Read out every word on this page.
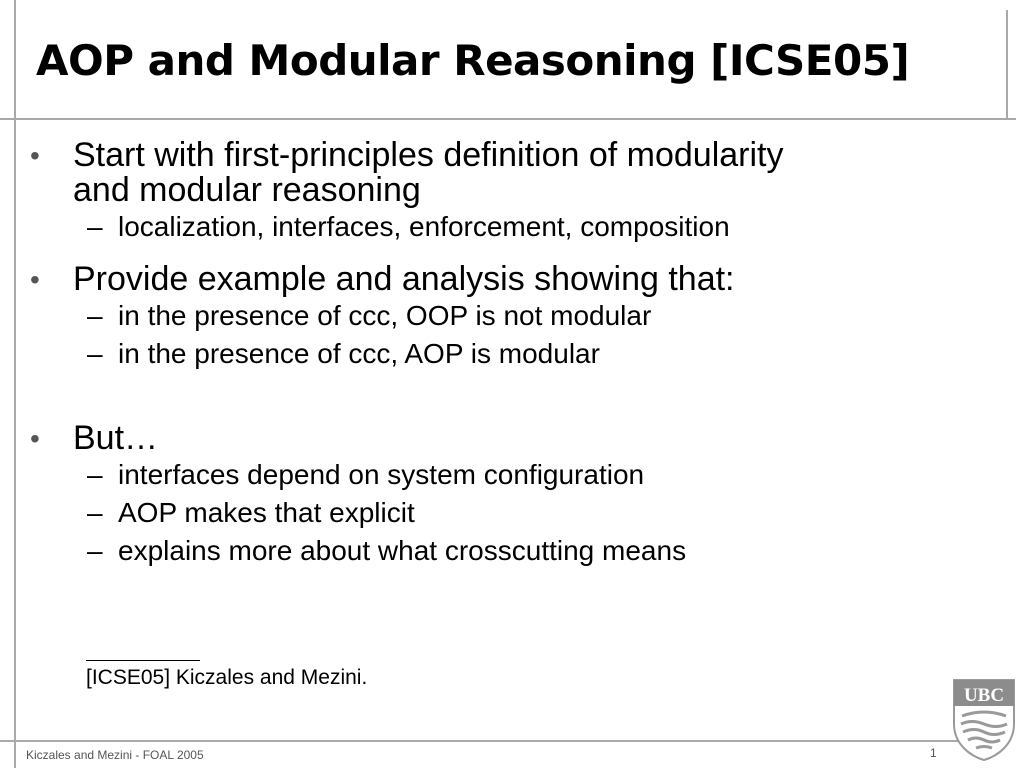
AOP and Modular Reasoning [ICSE05]
• Start with first-principles definition of modularity
and modular reasoning
– localization, interfaces, enforcement, composition
• Provide example and analysis showing that:
– in the presence of ccc, OOP is not modular
– in the presence of ccc, AOP is modular
• But…
– interfaces depend on system configuration
– AOP makes that explicit
– explains more about what crosscutting means
[ICSE05] Kiczales and Mezini.
Kiczales and Mezini - FOAL 2005	1
UBC
